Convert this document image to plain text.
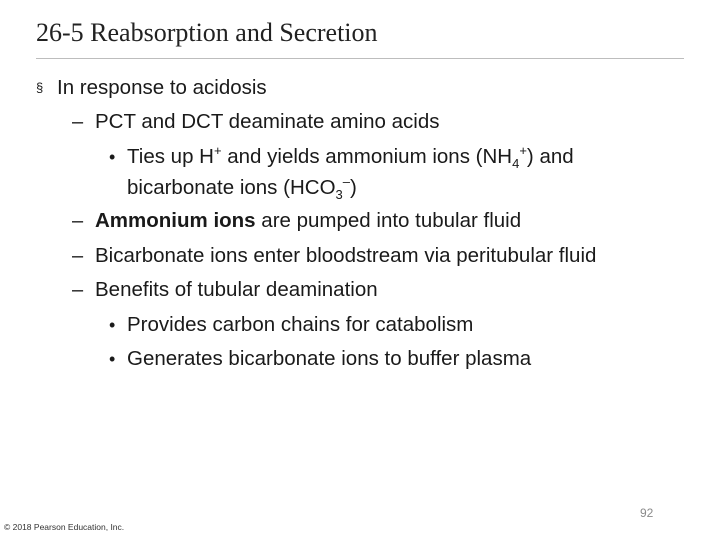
26-5 Reabsorption and Secretion
§ In response to acidosis
– PCT and DCT deaminate amino acids
• Ties up H+ and yields ammonium ions $(NH_4^+)$ and
bicarbonate ions $(HCO_3^-)$
– Ammonium ions are pumped into tubular fluid
– Bicarbonate ions enter bloodstream via peritubular fluid
– Benefits of tubular deamination
• Provides carbon chains for catabolism
• Generates bicarbonate ions to buffer plasma
92
© 2018 Pearson Education, Inc.
